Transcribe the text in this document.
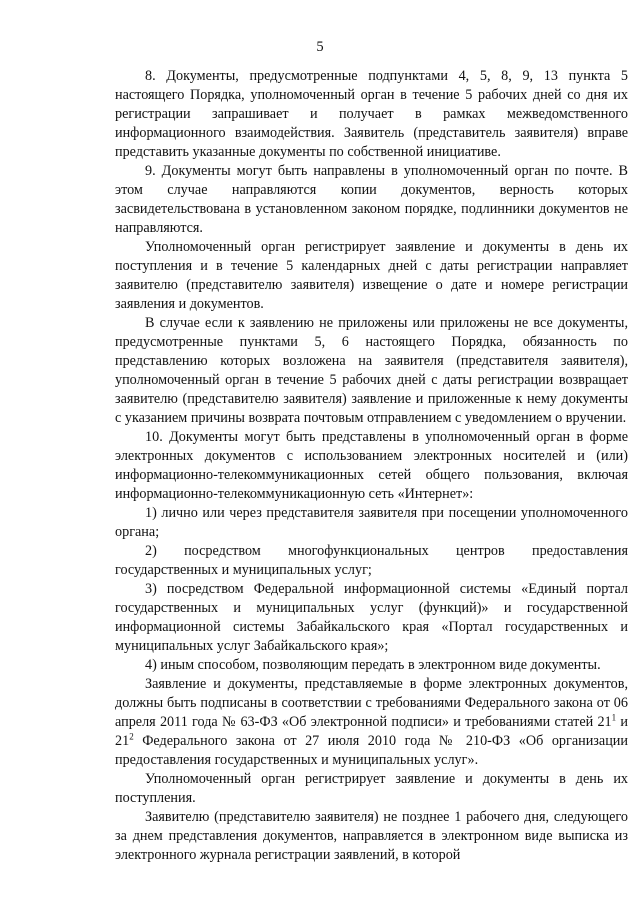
5

8. Документы, предусмотренные подпунктами 4, 5, 8, 9, 13 пункта 5 настоящего Порядка, уполномоченный орган в течение 5 рабочих дней со дня их регистрации запрашивает и получает в рамках межведомственного информационного взаимодействия. Заявитель (представитель заявителя) вправе представить указанные документы по собственной инициативе.

9. Документы могут быть направлены в уполномоченный орган по почте. В этом случае направляются копии документов, верность которых засвидетельствована в установленном законом порядке, подлинники документов не направляются.

Уполномоченный орган регистрирует заявление и документы в день их поступления и в течение 5 календарных дней с даты регистрации направляет заявителю (представителю заявителя) извещение о дате и номере регистрации заявления и документов.

В случае если к заявлению не приложены или приложены не все документы, предусмотренные пунктами 5, 6 настоящего Порядка, обязанность по представлению которых возложена на заявителя (представителя заявителя), уполномоченный орган в течение 5 рабочих дней с даты регистрации возвращает заявителю (представителю заявителя) заявление и приложенные к нему документы с указанием причины возврата почтовым отправлением с уведомлением о вручении.

10. Документы могут быть представлены в уполномоченный орган в форме электронных документов с использованием электронных носителей и (или) информационно-телекоммуникационных сетей общего пользования, включая информационно-телекоммуникационную сеть «Интернет»:

1) лично или через представителя заявителя при посещении уполномоченного органа;

2) посредством многофункциональных центров предоставления государственных и муниципальных услуг;

3) посредством Федеральной информационной системы «Единый портал государственных и муниципальных услуг (функций)» и государственной информационной системы Забайкальского края «Портал государственных и муниципальных услуг Забайкальского края»;

4) иным способом, позволяющим передать в электронном виде документы.

Заявление и документы, представляемые в форме электронных документов, должны быть подписаны в соответствии с требованиями Федерального закона от 06 апреля 2011 года № 63-ФЗ «Об электронной подписи» и требованиями статей $21^1$ и $21^2$ Федерального закона от 27 июля 2010 года № 210-ФЗ «Об организации предоставления государственных и муниципальных услуг».

Уполномоченный орган регистрирует заявление и документы в день их поступления.

Заявителю (представителю заявителя) не позднее 1 рабочего дня, следующего за днем представления документов, направляется в электронном виде выписка из электронного журнала регистрации заявлений, в которой
